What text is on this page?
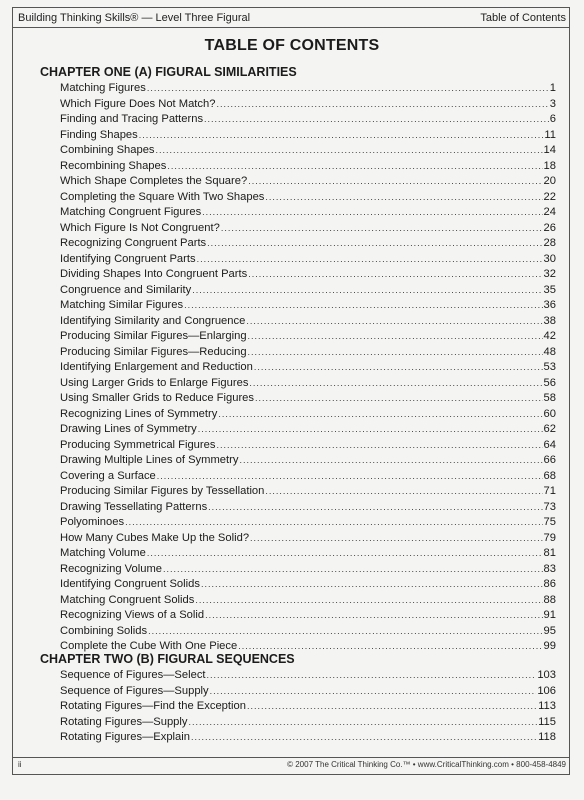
Building Thinking Skills® — Level Three Figural	Table of Contents
TABLE OF CONTENTS
CHAPTER ONE (A) FIGURAL SIMILARITIES
Matching Figures .....	1
Which Figure Does Not Match? .....	3
Finding and Tracing Patterns .....	6
Finding Shapes .....	11
Combining Shapes .....	14
Recombining Shapes .....	18
Which Shape Completes the Square? .....	20
Completing the Square With Two Shapes .....	22
Matching Congruent Figures .....	24
Which Figure Is Not Congruent? .....	26
Recognizing Congruent Parts .....	28
Identifying Congruent Parts .....	30
Dividing Shapes Into Congruent Parts .....	32
Congruence and Similarity .....	35
Matching Similar Figures .....	36
Identifying Similarity and Congruence .....	38
Producing Similar Figures—Enlarging .....	42
Producing Similar Figures—Reducing .....	48
Identifying Enlargement and Reduction .....	53
Using Larger Grids to Enlarge Figures .....	56
Using Smaller Grids to Reduce Figures .....	58
Recognizing Lines of Symmetry .....	60
Drawing Lines of Symmetry .....	62
Producing Symmetrical Figures .....	64
Drawing Multiple Lines of Symmetry .....	66
Covering a Surface .....	68
Producing Similar Figures by Tessellation .....	71
Drawing Tessellating Patterns .....	73
Polyominoes .....	75
How Many Cubes Make Up the Solid? .....	79
Matching Volume .....	81
Recognizing Volume .....	83
Identifying Congruent Solids .....	86
Matching Congruent Solids .....	88
Recognizing Views of a Solid .....	91
Combining Solids .....	95
Complete the Cube With One Piece .....	99
CHAPTER TWO (B) FIGURAL SEQUENCES
Sequence of Figures—Select .....	103
Sequence of Figures—Supply .....	106
Rotating Figures—Find the Exception .....	113
Rotating Figures—Supply .....	115
Rotating Figures—Explain .....	118
ii	© 2007 The Critical Thinking Co.™ • www.CriticalThinking.com • 800-458-4849
